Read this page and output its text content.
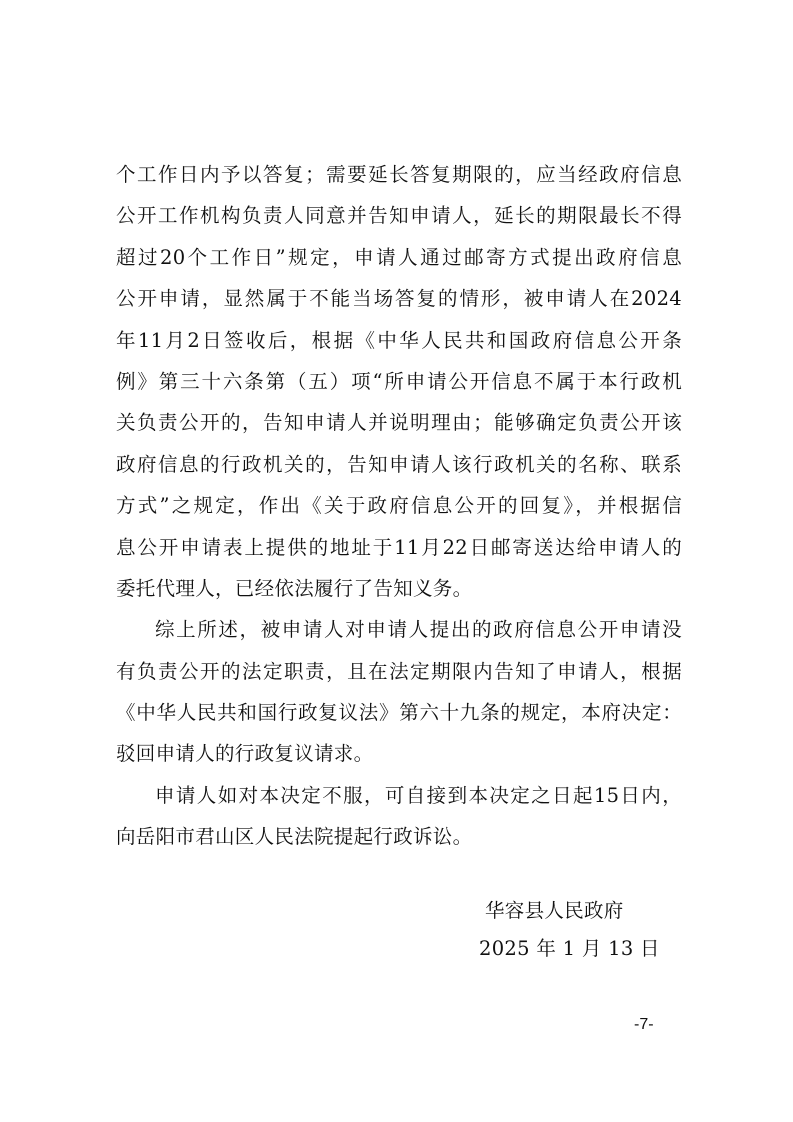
个工作日内予以答复；需要延长答复期限的，应当经政府信息
公开工作机构负责人同意并告知申请人，延长的期限最长不得
超过20个工作日”规定，申请人通过邮寄方式提出政府信息
公开申请，显然属于不能当场答复的情形，被申请人在2024
年11月2日签收后，根据《中华人民共和国政府信息公开条
例》第三十六条第（五）项“所申请公开信息不属于本行政机
关负责公开的，告知申请人并说明理由；能够确定负责公开该
政府信息的行政机关的，告知申请人该行政机关的名称、联系
方式”之规定，作出《关于政府信息公开的回复》，并根据信
息公开申请表上提供的地址于11月22日邮寄送达给申请人的
委托代理人，已经依法履行了告知义务。
综上所述，被申请人对申请人提出的政府信息公开申请没
有负责公开的法定职责，且在法定期限内告知了申请人，根据
《中华人民共和国行政复议法》第六十九条的规定，本府决定：
驳回申请人的行政复议请求。
申请人如对本决定不服，可自接到本决定之日起15日内，
向岳阳市君山区人民法院提起行政诉讼。
华容县人民政府
2025 年 1 月 13 日
-7-
